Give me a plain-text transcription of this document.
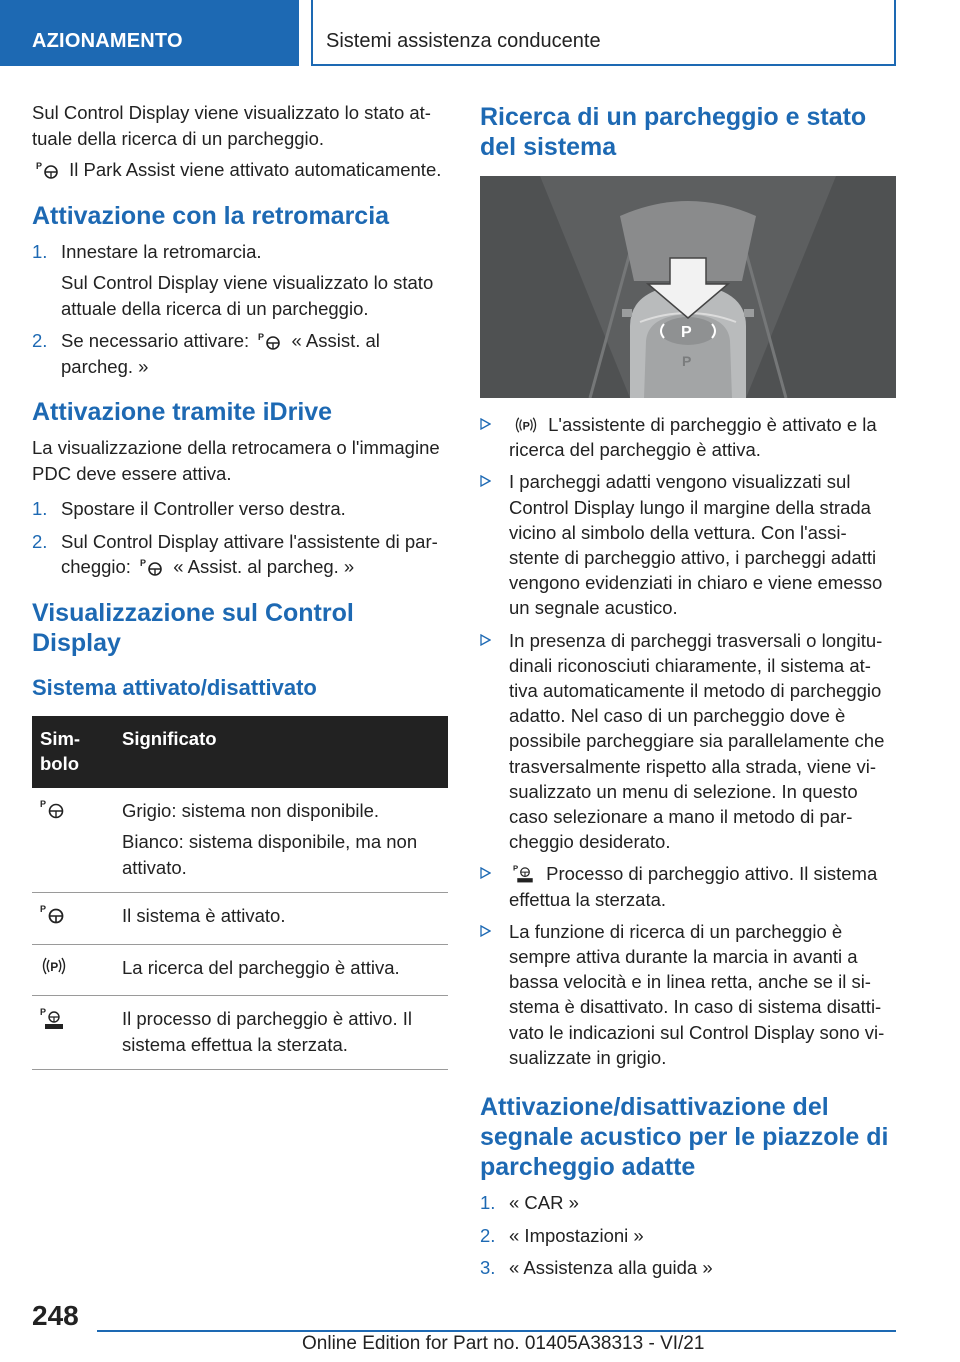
AZIONAMENTO	Sistemi assistenza conducente

Sul Control Display viene visualizzato lo stato at-tuale della ricerca di un parcheggio.

P Il Park Assist viene attivato automaticamente.

Attivazione con la retromarcia
1. Innestare la retromarcia.
Sul Control Display viene visualizzato lo stato attuale della ricerca di un parcheggio.
2. Se necessario attivare: P « Assist. al parcheg. »
Attivazione tramite iDrive

La visualizzazione della retrocamera o l'immagine PDC deve essere attiva.

1. Spostare il Controller verso destra.
2. Sul Control Display attivare l'assistente di par-cheggio: P « Assist. al parcheg. »
Visualizzazione sul Control Display
Sistema attivato/disattivato
Sim-bolo	Significato

P	Grigio: sistema non disponibile.
Bianco: sistema disponibile, ma non attivato.

P	Il sistema è attivato.

P	La ricerca del parcheggio è attiva.

P	Il processo di parcheggio è attivo. Il sistema effettua la sterzata.
Ricerca di un parcheggio e stato del sistema
P
P
P L'assistente di parcheggio è attivato e la ricerca del parcheggio è attiva.
I parcheggi adatti vengono visualizzati sul Control Display lungo il margine della strada vicino al simbolo della vettura. Con l'assi-stente di parcheggio attivo, i parcheggi adatti vengono evidenziati in chiaro e viene emesso un segnale acustico.
In presenza di parcheggi trasversali o longitu-dinali riconosciuti chiaramente, il sistema at-tiva automaticamente il metodo di parcheggio adatto. Nel caso di un parcheggio dove è possibile parcheggiare sia parallelamente che trasversalmente rispetto alla strada, viene vi-sualizzato un menu di selezione. In questo caso selezionare a mano il metodo di par-cheggio desiderato.
P Processo di parcheggio attivo. Il sistema effettua la sterzata.
La funzione di ricerca di un parcheggio è sempre attiva durante la marcia in avanti a bassa velocità e in linea retta, anche se il si-stema è disattivato. In caso di sistema disatti-vato le indicazioni sul Control Display sono vi-sualizzate in grigio.
Attivazione/disattivazione del segnale acustico per le piazzole di parcheggio adatte
1. « CAR »
2. « Impostazioni »
3. « Assistenza alla guida »
248
Online Edition for Part no. 01405A38313 - VI/21
